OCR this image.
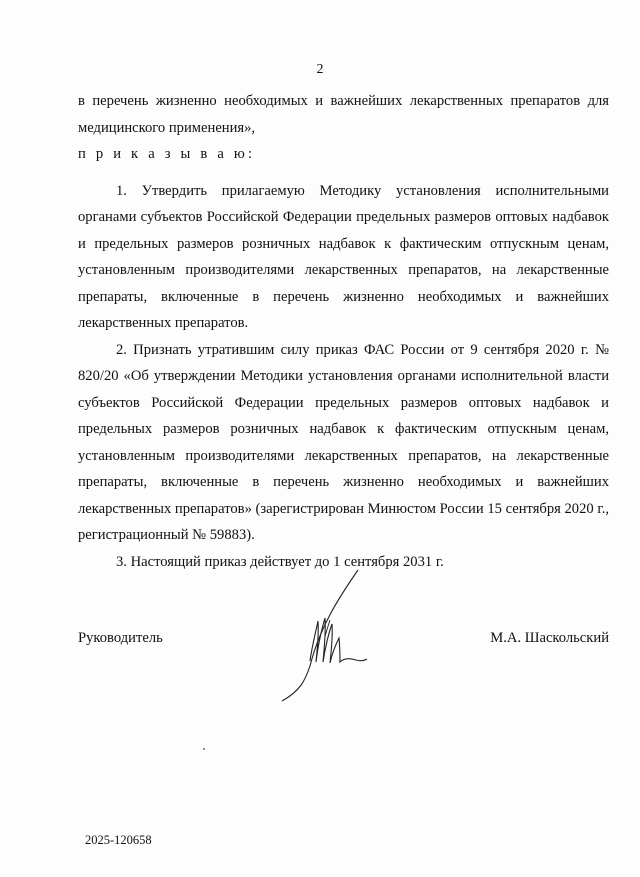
2

в перечень жизненно необходимых и важнейших лекарственных препаратов для медицинского применения»,

п р и к а з ы в а ю:

1. Утвердить прилагаемую Методику установления исполнительными органами субъектов Российской Федерации предельных размеров оптовых надбавок и предельных размеров розничных надбавок к фактическим отпускным ценам, установленным производителями лекарственных препаратов, на лекарственные препараты, включенные в перечень жизненно необходимых и важнейших лекарственных препаратов.

2. Признать утратившим силу приказ ФАС России от 9 сентября 2020 г. № 820/20 «Об утверждении Методики установления органами исполнительной власти субъектов Российской Федерации предельных размеров оптовых надбавок и предельных размеров розничных надбавок к фактическим отпускным ценам, установленным производителями лекарственных препаратов, на лекарственные препараты, включенные в перечень жизненно необходимых и важнейших лекарственных препаратов» (зарегистрирован Минюстом России 15 сентября 2020 г., регистрационный № 59883).

3. Настоящий приказ действует до 1 сентября 2031 г.

Руководитель	М.А. Шаскольский
2025-120658
